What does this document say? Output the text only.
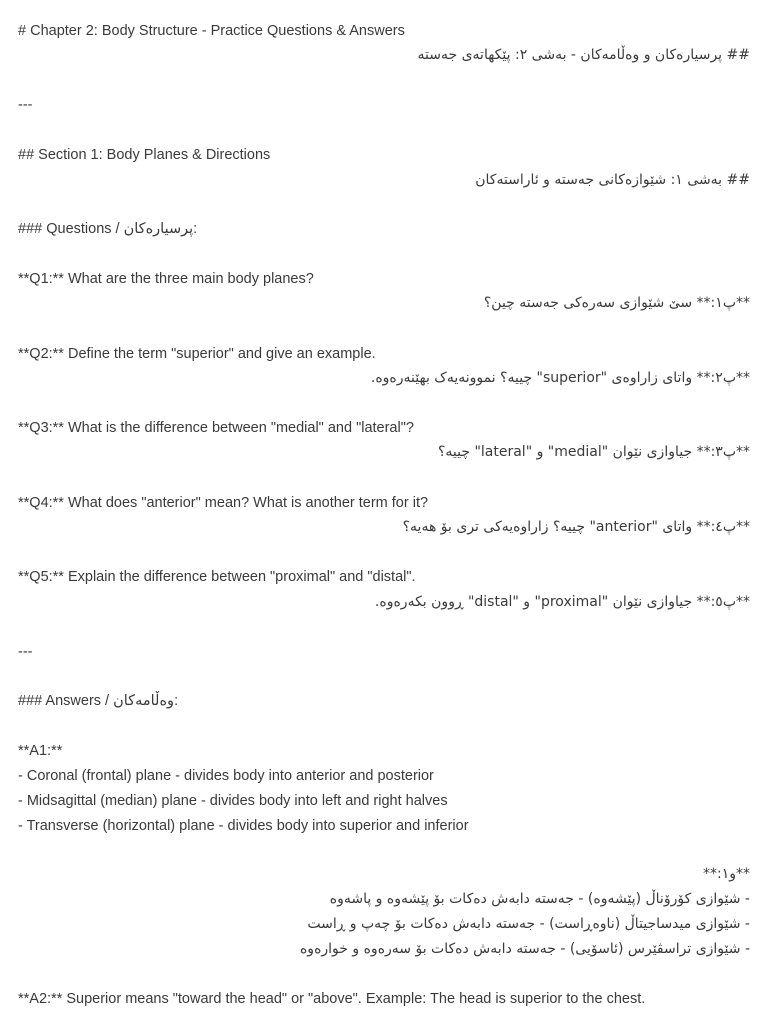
# Chapter 2: Body Structure - Practice Questions & Answers
## پرسیارەکان و وەڵامەکان - بەشی ٢: پێکهاتەی جەستە
---
## Section 1: Body Planes & Directions
## بەشی ١: شێوازەکانی جەستە و ئاراستەکان
### Questions / پرسیارەکان:
**Q1:** What are the three main body planes?
**پ١:** سێ شێوازی سەرەکی جەستە چین؟
**Q2:** Define the term "superior" and give an example.
**پ٢:** واتای زاراوەی "superior" چییە؟ نموونەیەک بهێنەرەوە.
**Q3:** What is the difference between "medial" and "lateral"?
**پ٣:** جیاوازی نێوان "medial" و "lateral" چییە؟
**Q4:** What does "anterior" mean? What is another term for it?
**پ٤:** واتای "anterior" چییە؟ زاراوەیەکی تری بۆ هەیە؟
**Q5:** Explain the difference between "proximal" and "distal".
**پ٥:** جیاوازی نێوان "proximal" و "distal" ڕوون بکەرەوە.
---
### Answers / وەڵامەکان:
**A1:**
- Coronal (frontal) plane - divides body into anterior and posterior
- Midsagittal (median) plane - divides body into left and right halves
- Transverse (horizontal) plane - divides body into superior and inferior
**و١:**
- شێوازی کۆرۆناڵ (پێشەوە) - جەستە دابەش دەکات بۆ پێشەوە و پاشەوە
- شێوازی میدساجیتاڵ (ناوەڕاست) - جەستە دابەش دەکات بۆ چەپ و ڕاست
- شێوازی تراسڤێرس (ئاسۆیی) - جەستە دابەش دەکات بۆ سەرەوە و خوارەوە
**A2:** Superior means "toward the head" or "above". Example: The head is superior to the chest.
